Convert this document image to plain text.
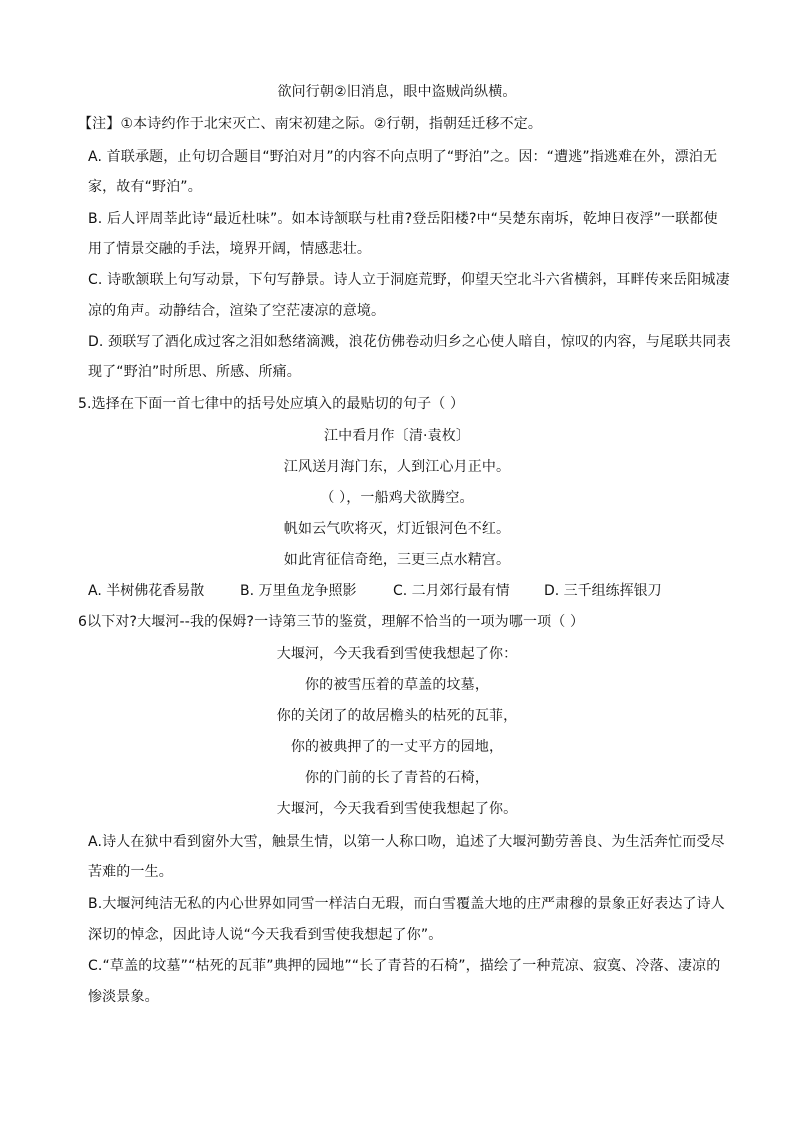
欲问行朝②旧消息，眼中盗贼尚纵横。
【注】①本诗约作于北宋灭亡、南宋初建之际。②行朝，指朝廷迁移不定。
A. 首联承题，止句切合题目“野泊对月”的内容不向点明了“野泊”之。因：“遭逃”指逃难在外，漂泊无
家，故有“野泊”。
B. 后人评周莘此诗“最近杜味”。如本诗颔联与杜甫?登岳阳楼?中“吴楚东南坼，乾坤日夜浮”一联都使
用了情景交融的手法，境界开阔，情感悲壮。
C. 诗歌颔联上句写动景，下句写静景。诗人立于洞庭荒野，仰望天空北斗六省横斜，耳畔传来岳阳城凄
凉的角声。动静结合，渲染了空茫凄凉的意境。
D. 颈联写了酒化成过客之泪如愁绪滴溅，浪花仿佛卷动归乡之心使人暗自，惊叹的内容，与尾联共同表
现了“野泊”时所思、所感、所痛。
5.选择在下面一首七律中的括号处应填入的最贴切的句子（ ）
江中看月作〔清·袁枚〕
江风送月海门东，人到江心月正中。
（ ），一船鸡犬欲腾空。
帆如云气吹将灭，灯近银河色不红。
如此宵征信奇绝，三更三点水精宫。
A. 半树佛花香易散	B. 万里鱼龙争照影	C. 二月郊行最有情 D. 三千组练挥银刀
6以下对?大堰河--我的保姆?一诗第三节的鉴赏，理解不恰当的一项为哪一项（ ）
大堰河，今天我看到雪使我想起了你：
你的被雪压着的草盖的坟墓，
你的关闭了的故居檐头的枯死的瓦菲，
你的被典押了的一丈平方的园地，
你的门前的长了青苔的石椅，
大堰河，今天我看到雪使我想起了你。
A.诗人在狱中看到窗外大雪，触景生情，以第一人称口吻，追述了大堰河勤劳善良、为生活奔忙而受尽
苦难的一生。
B.大堰河纯洁无私的内心世界如同雪一样洁白无瑕，而白雪覆盖大地的庄严肃穆的景象正好表达了诗人
深切的悼念，因此诗人说“今天我看到雪使我想起了你”。
C.“草盖的坟墓”“枯死的瓦菲”典押的园地”“长了青苔的石椅”，描绘了一种荒凉、寂寞、冷落、凄凉的
惨淡景象。
